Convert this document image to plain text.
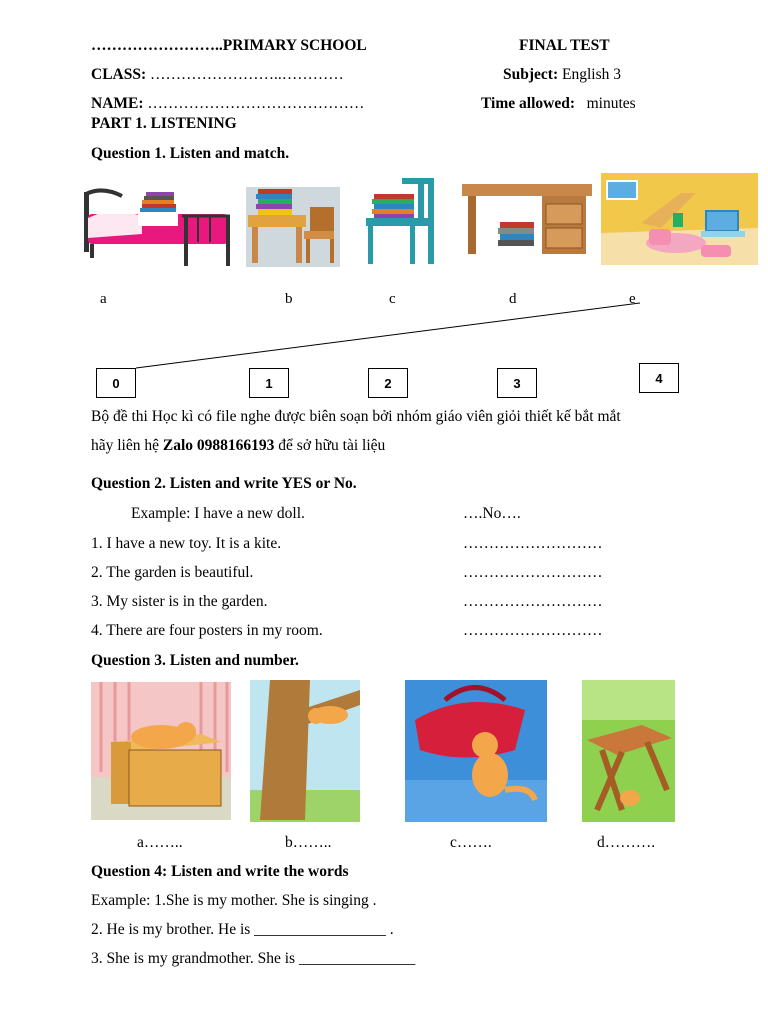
……………………..PRIMARY SCHOOL	FINAL TEST
CLASS: ……………………..…………	Subject: English 3
NAME: ……………………………………	Time allowed: minutes
PART 1. LISTENING
Question 1. Listen and match.
a	b	c	d	e
0	1	2	3	4
Bộ đề thi Học kì có file nghe được biên soạn bởi nhóm giáo viên giỏi thiết kế bắt mắt
hãy liên hệ Zalo 0988166193 để sở hữu tài liệu
Question 2. Listen and write YES or No.
Example: I have a new doll.	….No….
1. I have a new toy. It is a kite.	………………………
2. The garden is beautiful.	………………………
3. My sister is in the garden.	………………………
4. There are four posters in my room.	………………………
Question 3. Listen and number.
a……..	b……..	c…….	d……….
Question 4: Listen and write the words
Example: 1.She is my mother. She is singing .
2. He is my brother. He is _________________ .
3. She is my grandmother. She is _______________
